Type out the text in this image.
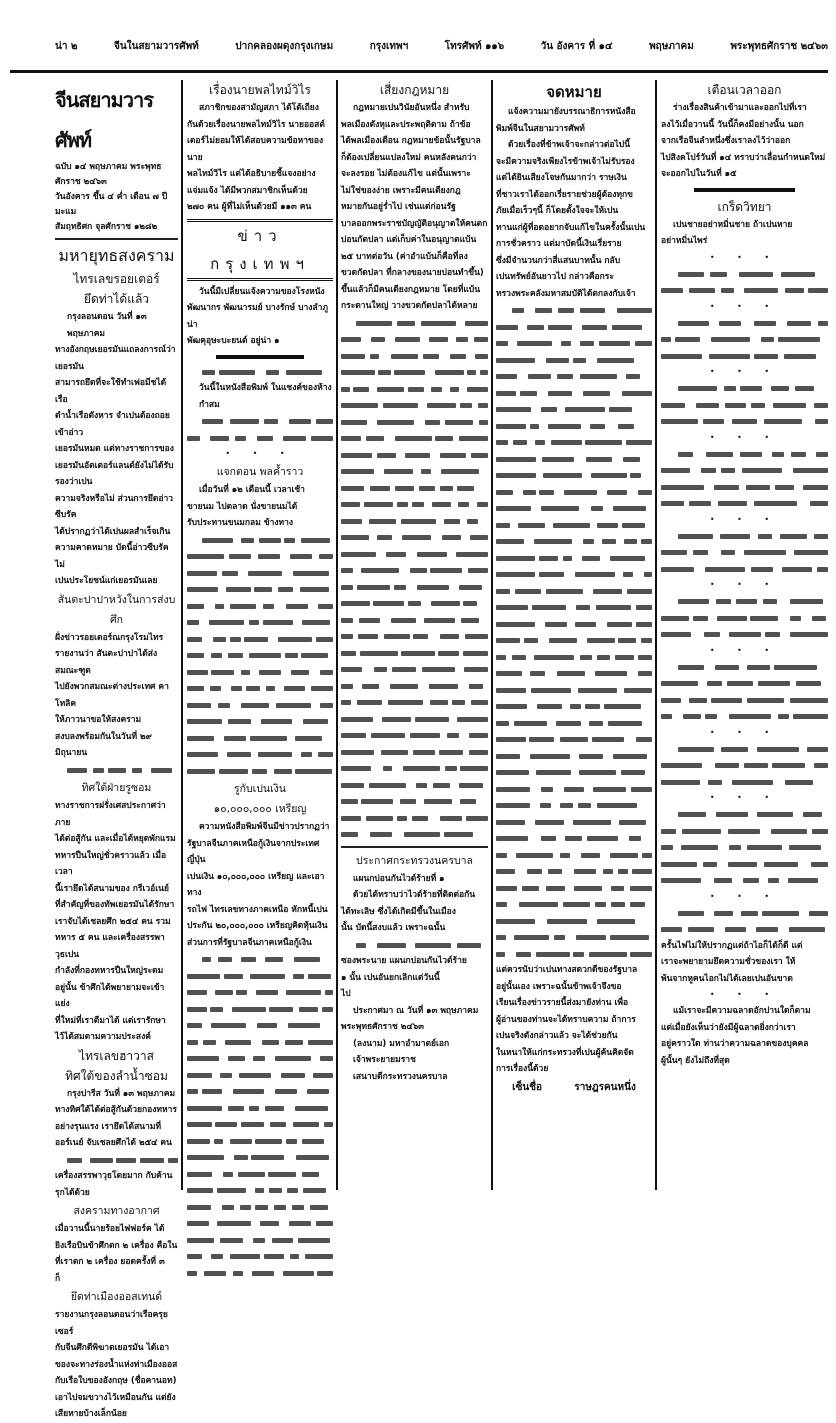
น่า ๒	จีนในสยามวารศัพท์	ปากคลองผดุงกรุงเกษม	กรุงเทพฯ	โทรศัพท์ ๑๑๖	วัน อังคาร ที่ ๑๔	พฤษภาคม	พระพุทธศักราช ๒๔๖๓
จีนสยามวารศัพท์
ฉบับ ๑๔ พฤษภาคม พระพุทธศักราช ๒๔๖๓
วันอังคาร ขึ้น ๔ ค่ำ เดือน ๗ ปีมะแม
สัมฤทธิศก จุลศักราช ๑๒๘๒
มหายุทธสงคราม
ไทรเลขรอยเตอร์
ยึดท่าได้แล้ว
กรุงลอนดอน วันที่ ๑๓ พฤษภาคม
ทางอังกฤษเยอรมันแถลงการณ์ว่าเยอรมัน
สามารถยึดที่จะใช้ทำเฟอมีชได้ เรือ
ดำน้ำเรือดังหาร จำเปนต้องถอยเข้าอ่าว
เยอรมันหมด แต่ทางราชการของ
เยอรมันอัตเตอร์แลนด์ยังไม่ได้รับรองว่าเปน
ความจริงหรือไม่ ส่วนการยึดอ่าวซีบรัค
ได้ปรากฏว่าได้เปนผลสำเร็จเกิน
ความคาดหมาย บัดนี้อ่าวซีบรัคไม่
เปนประโยชน์แก่เยอรมันเลย
สันตะปาปาหวังในการส่งบศึก
ฝั่งข่าวรอยเตอร์ณกรุงโรมไทร
รายงานว่า สันตะปาปาได้ส่งสมณะฑูต
ไปยังพวกสมณะต่างประเทศ คาโทลิค
ให้ภาวนาขอให้สงคราม
สงบลงพร้อมกันในวันที่ ๒๙ มิถุนายน
ทิศใต้ฝ่ายรูซอม
ทางราชการฝรั่งเศสประกาศว่า ภาย
ได้ต่อสู้กัน และเมื่อได้หยุดพักแรม
ทหารปืนใหญ่ชั่วคราวแล้ว เมื่อเวลา
นี้เรายึดได้สนามของ กรีเวอ์เนย์
ที่สำคัญที่ของทัพเยอรมันได้รักษา
เราจับได้เชลยศึก ๒๕๔ คน รวม
ทหาร ๕ คน และเครื่องสรรพาวุธเปน
กำลังที่กองทหารปืนใหญ่ระดม
อยู่นั้น ข้าศึกได้พยายามจะเข้าแย่ง
ที่ใหม่ที่เราตีมาได้ แต่เรารักษา
ไว้ได้สมตามความประสงค์
ไทรเลขฮาวาส
ทิศใต้ของลำน้ำซอม
กรุงปารีส วันที่ ๑๓ พฤษภาคม
ทางทิศใต้ได้ต่อสู้กันด้วยกองทหาร
อย่างรุนแรง เรายึดได้สนามที่
ออร์เนย์ จับเชลยศึกได้ ๒๕๔ คน
เครื่องสรรพาวุธโดยมาก กับค้าน
รุกได้ด้วย
สงครามทางอากาศ
เมื่อวานนี้นายร้อยไฟฟอร์ค ได้
ยิงเรือบินข้าศึกตก ๒ เครื่อง คือใน
ที่เราตก ๒ เครื่อง ยอดครั้งที่ ๓
ก็
ยึดท่าเมืองออสเทนด์
รายงานกรุงลอนดอนว่าเรือครุยเซอร์
กับจีนศึกดีพิฆาตเยอรมัน ได้เอา
ของจะทางร่องน้ำแห่งท่าเมืองออส
กับเรือใบของอังกฤษ (ชื่อคานอท)
เอาไปจมขวางไว้เหมือนกัน แต่ยัง
เสียหายบ้างเล็กน้อย
เรื่องนายพลไทม์วิไร
สภาชิกของสามัญสภา ได้โต้เถียง
กันด้วยเรื่องนายพลไทม์วิไร นายออสต์
เตอร์ไม่ยอมให้ได้สอบความข้อหาของนาย
พลไทม์วิไร แต่ได้อธิบายชี้แจงอย่าง
แจ่มแจ้ง ได้มีพวกสมาชิกเห็นด้วย
๒๗๐ คน ผู้ที่ไม่เห็นด้วยมี ๑๑๓ คน
ข่าว กรุงเทพฯ
วันนี้มีเปลี่ยนแจ้งความของโรงหนัง
พัฒนากร พัฒนารมย์ บางรักษ์ บางลำภูน่า
พัฒคุอุษะบะยนต์ อยู่น่า ๑
วันนี้ในหนังสือพิมพ์ ในแชงค์ของห้างกำสม
• • •
แจกตอน พลค้ำราว
เมื่อวันที่ ๑๒ เดือนนี้ เวลาเช้า
ขายนม ไปตลาด นั่งขายนมได้
รับประทานขนมกลม ข้างทาง
รูกับเปนเงิน
๑๐,๐๐๐,๐๐๐ เหรียญ
ความหนังสือพิมพ์จีนมีข่าวปรากฏว่า
รัฐบาลจีนภาคเหนือกู้เงินจากประเทศญี่ปุ่น
เปนเงิน ๑๐,๐๐๐,๐๐๐ เหรียญ และเอาทาง
รถไฟ ไทรเลขทางภาคเหนือ หักหนี้เปน
ประกัน ๒๐,๐๐๐,๐๐๐ เหรียญคิดหุ้นเงิน
ส่วนการที่รัฐบาลจีนภาคเหนือกู้เงิน
เสี่ยงกฎหมาย
กฎหมายเปนวินัยอันหนึ่ง สำหรับ
พลเมืองดังหุและประพฤติตาม ถ้าข้อ
ได้พลเมืองเดือน กฎหมายข้อนั้นรัฐบาล
ก็ต้องเปลี่ยนแปลงใหม่ คนหลังคนกว่า
จะลงรอย ไม่ต้องแก้ไข แต่นั้นเพราะ
ไม่ใช่ของง่าย เพราะมีคนเดียงกฎ
หมายกันอยู่ร่ำไป เช่นแต่ก่อนรัฐ
บาลออกพระราชบัญญัติอนุญาตให้คนตก
บ่อนกัดปลา แต่เก็บค่าในอนุญาตแบ้น
๒๕ บาทต่อวัน (ค่าอำแบ้นก็คือที่ลง
ขวดกัดปลา ที่กลางของนายบ่อนทำขึ้น)
ขึ้นแล้วก็มีคนเดียงกฎหมาย โดยที่แบ้น
กระดานใหญ่ วางขวดกัดปลาได้หลาย
ประกาศกระทรวงนครบาล
แผนกบ่อนกันไวด์ร้ายที่ ๑
ด้วยได้ทราบว่าไวด์ร้ายที่ติดต่อกัน
ได้ทะเลิษ ซึ่งได้เกิดมีขึ้นในเมือง
นั้น บัดนี้สงบแล้ว เพราะฉนั้น
ซองพระนาย แผนกบ่อนกันไวด์ร้าย
๑ นั้น เปนอันยกเลิกแต่วันนี้
ไป
ประกาศมา ณ วันที่ ๑๓ พฤษภาคม
พระพุทธศักราช ๒๔๖๓
(ลงนาม) มหาอำมาตย์เอก
เจ้าพระยายมราช
เสนาบดีกระทรวงนครบาล
จดหมาย
แจ้งความมายังบรรณาธิการหนังสือ
พิมพ์จีนในสยามวารศัพท์
ด้วยเรื่องที่ข้าพเจ้าจะกล่าวต่อไปนี้
จะมีความจริงเพียงไรข้าพเจ้าไม่รับรอง
แต่ได้ยินเสียงโจษกันมากว่า ราษเงิน
ที่ชาวเราได้ออกเรี่ยรายช่วยผู้ต้องทุกข
ภัยเมื่อเร็วๆนี้ ก็โดยตั้งใจจะให้เปน
ทานแก่ผู้ที่อดอยากจับแก้ไขในครั้งนั้นเปน
การชั่วคราว แต่มาบัดนี้เงินเรี่ยราย
ซึ่งมีจำนวนกว่าสี่แสนบาทนั้น กลับ
เปนทรัพย์อันยาวไป กล่าวคือกระ
ทรวงพระคลังมหาสมบัติได้ตกลงกับเจ้า
แต่ควรนับว่าเปนทางสดวกดีของรัฐบาล
อยู่นั้นเอง เพราะฉนั้นข้าพเจ้าจึงขอ
เรียนเรื่องข่าวรายนี้ส่งมายังท่าน เพื่อ
ผู้อ่านของท่านจะได้ทราบความ ถ้าการ
เปนจริงดังกล่าวแล้ว จะได้ช่วยกัน
ในหนาให้แก่กระทรวงที่เปนผู้ค้นคิดจัด
การเรื่องนี้ด้วย
เซ็นชื่อ	ราษฎรคนหนึ่ง
เตือนเวลาออก
ร่างเรื่องสินค้าเข้ามาและออกไปที่เรา
ลงไว้เมื่อวานนี้ วันนี้ก็คงมีอย่างนั้น นอก
จากเรือจีนลำหนึ่งซึ่งเราลงไว้ว่าออก
ไปสิงคโปร์วันที่ ๑๔ ทราบว่าเลื่อนกำหนดใหม่
จะออกไปในวันที่ ๑๕
เกร็ดวิทยา
เปนชายอย่าหมิ่นชาย ถ้าเปนหาย
อย่าหมิ่นไพร่
• • •
• • •
• • •
• • •
• • •
• • •
• • •
• • •
• • •
• • •
ครั้นไฟไม่ให้ปรากฏแต่ถ้าไอก็ได้ก็ดี แต่
เราจะพยายามยึดความชั่วของเรา ให้
พ้นจากหูคนไอกไม่ได้เลยเปนอันขาด
• • •
แม้เราจะมีความฉลาดอักปานใดก็ตาม
แต่เมื่อยังเห็นว่ายังมีผู้ฉลาดยิ่งกว่าเรา
อยู่คราวใด ท่านว่าความฉลาดของบุคคล
ผู้นั้นๆ ยังไม่ถึงที่สุด
